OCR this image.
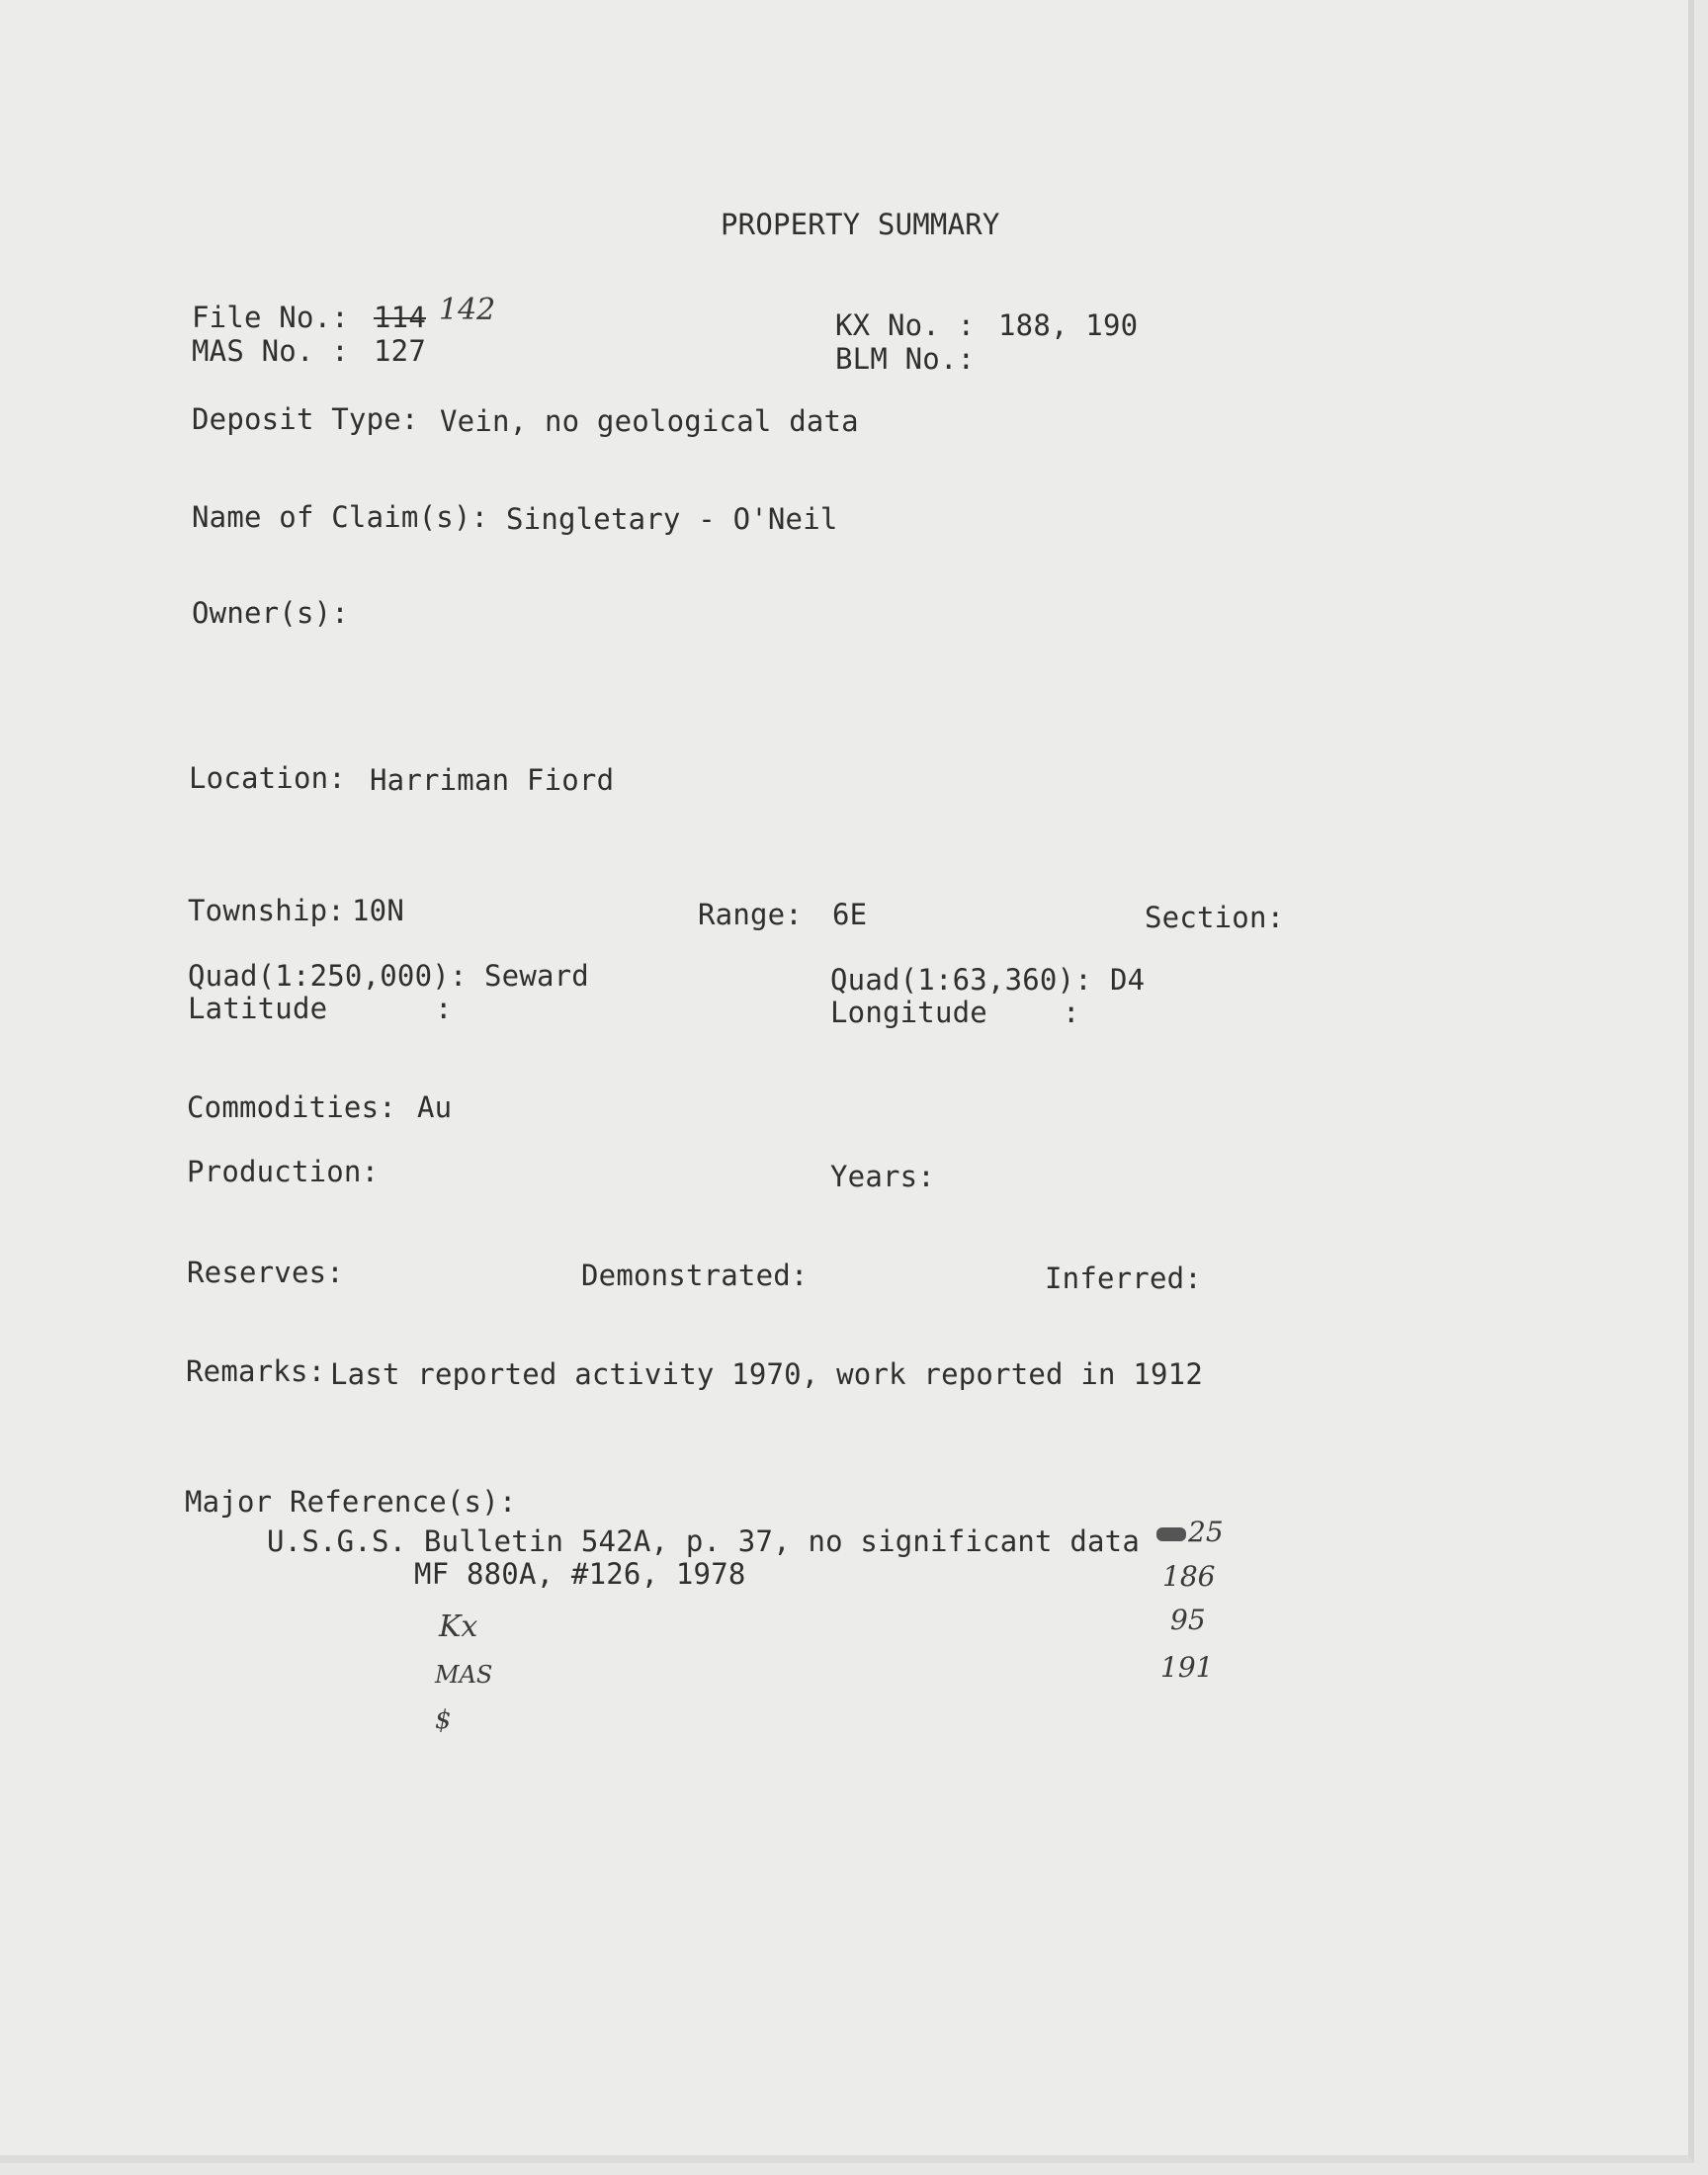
PROPERTY SUMMARY
File No.: 114 142
MAS No. : 127
KX No. : 188, 190
BLM No.:
Deposit Type: Vein, no geological data
Name of Claim(s): Singletary - O'Neil
Owner(s):
Location: Harriman Fiord
Township: 10N	Range: 6E	Section:
Quad(1:250,000): Seward	Quad(1:63,360): D4
Latitude	:	Longitude	:
Commodities: Au
Production:	Years:
Reserves:	Demonstrated:	Inferred:
Remarks: Last reported activity 1970, work reported in 1912
Major Reference(s):
U.S.G.S. Bulletin 542A, p. 37, no significant data
MF 880A, #126, 1978
Kx
MAS
$
25
186
95
191
